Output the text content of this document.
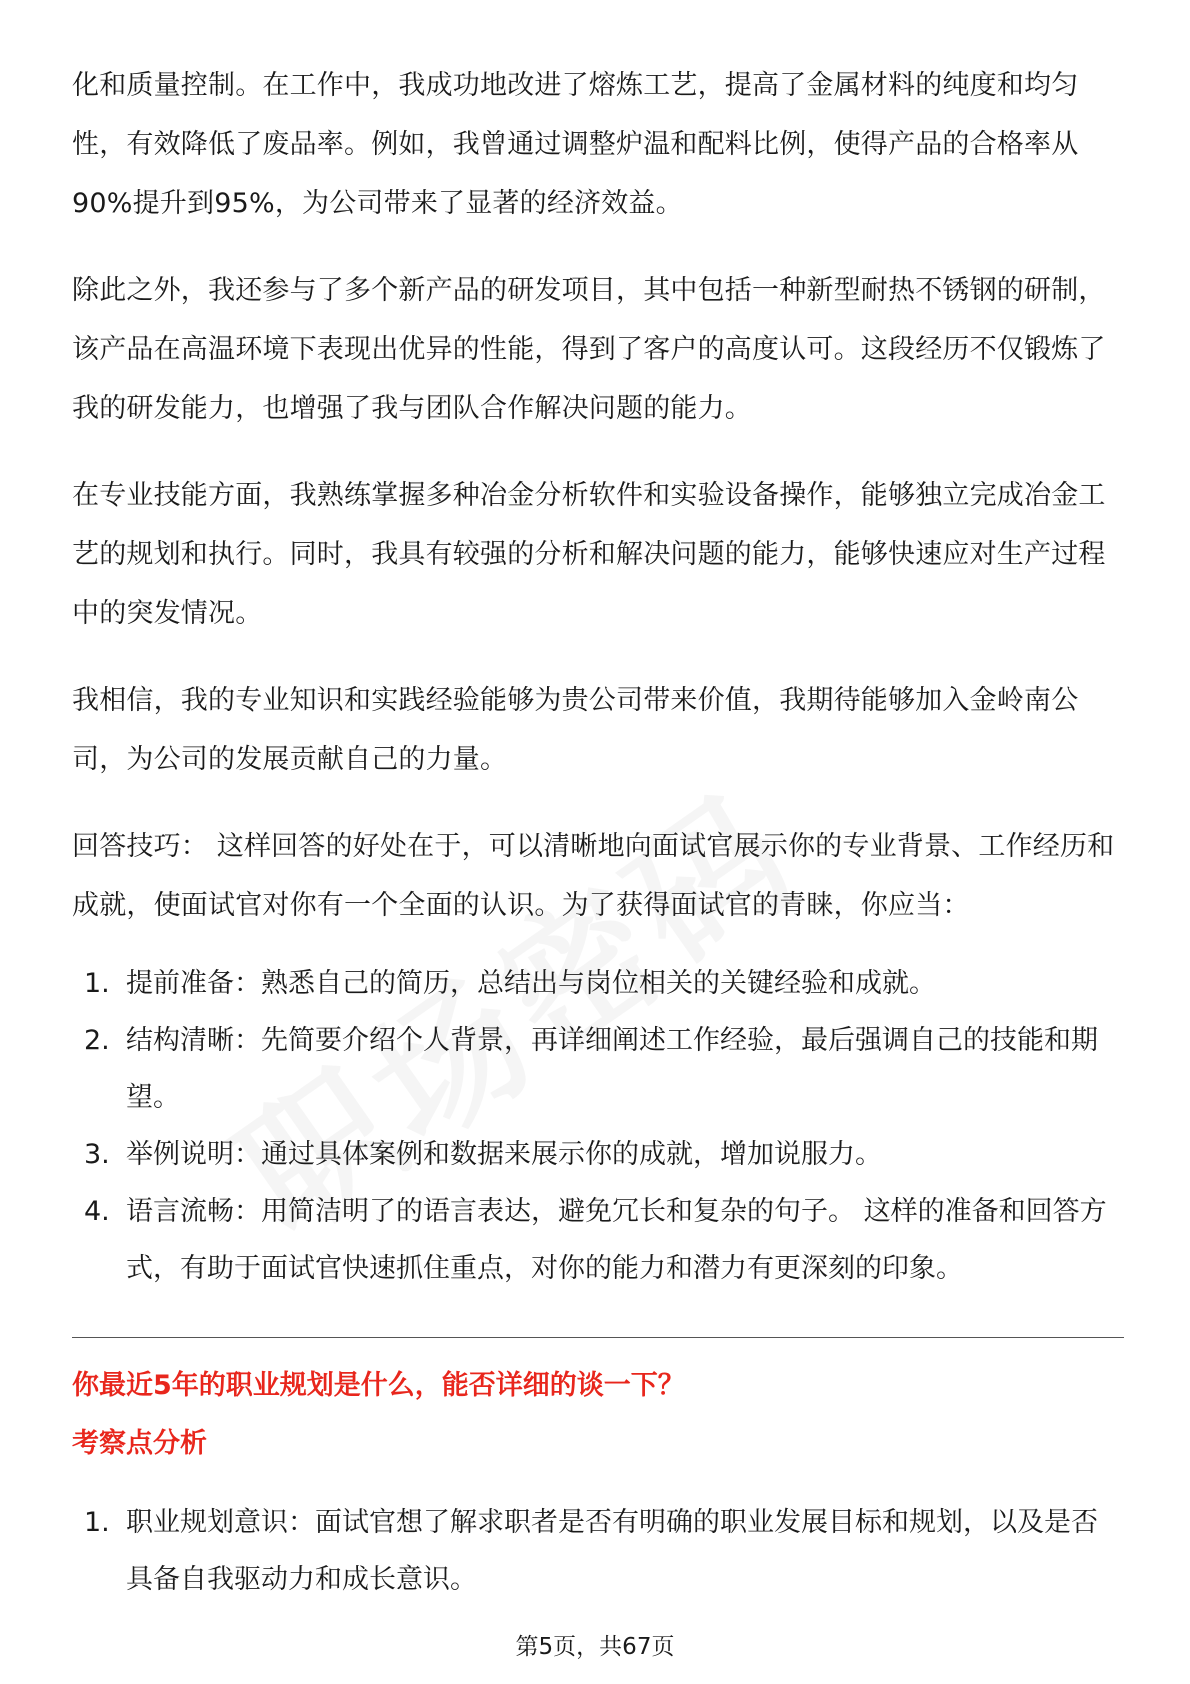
化和质量控制。在工作中，我成功地改进了熔炼工艺，提高了金属材料的纯度和均匀性，有效降低了废品率。例如，我曾通过调整炉温和配料比例，使得产品的合格率从90%提升到95%，为公司带来了显著的经济效益。

除此之外，我还参与了多个新产品的研发项目，其中包括一种新型耐热不锈钢的研制，该产品在高温环境下表现出优异的性能，得到了客户的高度认可。这段经历不仅锻炼了我的研发能力，也增强了我与团队合作解决问题的能力。

在专业技能方面，我熟练掌握多种冶金分析软件和实验设备操作，能够独立完成冶金工艺的规划和执行。同时，我具有较强的分析和解决问题的能力，能够快速应对生产过程中的突发情况。

我相信，我的专业知识和实践经验能够为贵公司带来价值，我期待能够加入金岭南公司，为公司的发展贡献自己的力量。

回答技巧： 这样回答的好处在于，可以清晰地向面试官展示你的专业背景、工作经历和成就，使面试官对你有一个全面的认识。为了获得面试官的青睐，你应当：

1. 提前准备：熟悉自己的简历，总结出与岗位相关的关键经验和成就。
2. 结构清晰：先简要介绍个人背景，再详细阐述工作经验，最后强调自己的技能和期望。
3. 举例说明：通过具体案例和数据来展示你的成就，增加说服力。
4. 语言流畅：用简洁明了的语言表达，避免冗长和复杂的句子。 这样的准备和回答方式，有助于面试官快速抓住重点，对你的能力和潜力有更深刻的印象。

你最近5年的职业规划是什么，能否详细的谈一下？

考察点分析

1. 职业规划意识：面试官想了解求职者是否有明确的职业发展目标和规划，以及是否具备自我驱动力和成长意识。
第5页，共67页
